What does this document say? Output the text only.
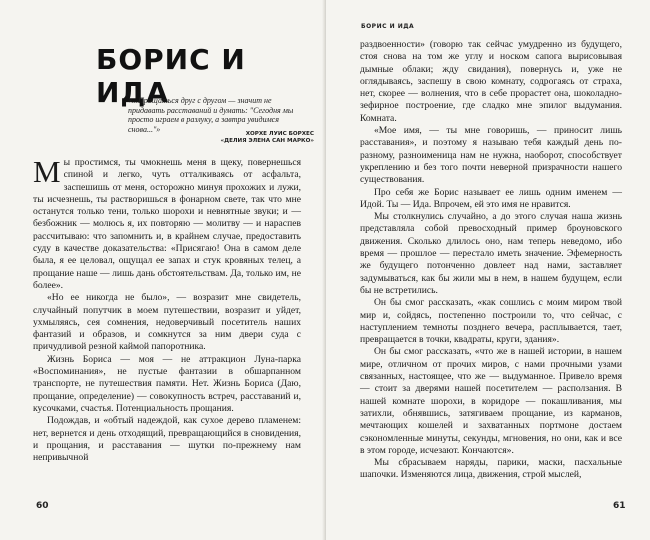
БОРИС И ИДА
«...Прощаться друг с другом — значит не придавать расставаний и думать: "Сегодня мы просто играем в разлуку, а завтра увидимся снова..."»
ХОРХЕ ЛУИС БОРХЕС
«ДЕЛИЯ ЭЛЕНА САН МАРКО»

Мы простимся, ты чмокнешь меня в щеку, повернешься спиной и легко, чуть отталкиваясь от асфальта, заспешишь от меня, осторожно минуя прохожих и лужи, ты исчезнешь, ты растворишься в фонарном свете, так что мне останутся только тени, только шорохи и невнятные звуки; и — безбожник — молюсь я, их повторяю — молитву — и нараспев рассчитываю: что запомнить и, в крайнем случае, предоставить суду в качестве доказательства: «Присягаю! Она в самом деле была, я ее целовал, ощущал ее запах и стук кровяных телец, а прощание наше — лишь дань обстоятельствам. Да, только им, не более».

«Но ее никогда не было», — возразит мне свидетель, случайный попутчик в моем путешествии, возразит и уйдет, ухмыляясь, сея сомнения, недоверчивый посетитель наших фантазий и образов, и сомкнутся за ним двери суда с причудливой резной каймой папоротника.

Жизнь Бориса — моя — не аттракцион Луна-парка «Воспоминания», не пустые фантазии в обшарпанном транспорте, не путешествия памяти. Нет. Жизнь Бориса (Даю, прощание, определение) — совокупность встреч, расставаний и, кусочками, счастья. Потенциальность прощания.

Подождав, и «обтый надеждой, как сухое дерево пламенем: нет, вернется и день отходящий, превращающийся в сновидения, и прощания, и расставания — шутки по-прежнему нам непривычной

60
БОРИС И ИДА

раздвоенности» (говорю так сейчас умудренно из будущего, стоя снова на том же углу и носком сапога вырисовывая дымные облаки; жду свидания), повернусь и, уже не оглядываясь, заспешу в свою комнату, содрогаясь от страха, нет, скорее — волнения, что в себе прорастет она, шоколадно-зефирное построение, где сладко мне эпилог выдумания. Комната.

«Мое имя, — ты мне говоришь, — приносит лишь расставания», и поэтому я называю тебя каждый день по-разному, разноименица нам не нужна, наоборот, способствует укреплению и без того почти неверной призрачности нашего существования.

Про себя же Борис называет ее лишь одним именем — Идой. Ты — Ида. Впрочем, ей это имя не нравится.

Мы столкнулись случайно, а до этого случая наша жизнь представляла собой превосходный пример броуновского движения. Сколько длилось оно, нам теперь неведомо, ибо время — прошлое — перестало иметь значение. Эфемерность же будущего потонченно довлеет над нами, заставляет задумываться, как бы жили мы в нем, в нашем будущем, если бы не встретились.

Он бы смог рассказать, «как сошлись с моим миром твой мир и, сойдясь, постепенно построили то, что сейчас, с наступлением темноты позднего вечера, расплывается, тает, превращается в точки, квадраты, круги, здания».

Он бы смог рассказать, «что же в нашей истории, в нашем мире, отличном от прочих миров, с нами прочными узами связанных, настоящее, что же — выдуманное. Привело время — стоит за дверями нашей посетителем — расползания. В нашей комнате шорохи, в коридоре — покашливания, мы затихли, обнявшись, затягиваем прощание, из карманов, мечтающих кошелей и захватанных портмоне достаем сэкономленные минуты, секунды, мгновения, но они, как и все в этом городе, исчезают. Кончаются».

Мы сбрасываем наряды, парики, маски, пасхальные шапочки. Изменяются лица, движения, строй мыслей,

61
